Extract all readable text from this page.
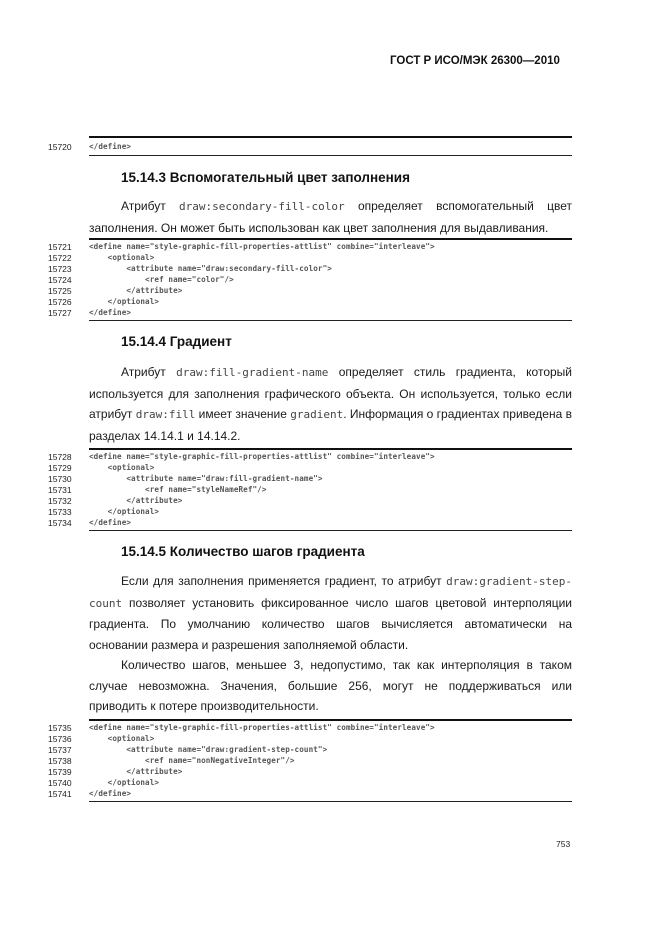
ГОСТ Р ИСО/МЭК 26300—2010
15720 </define>
15.14.3 Вспомогательный цвет заполнения
Атрибут draw:secondary-fill-color определяет вспомогательный цвет заполнения. Он может быть использован как цвет заполнения для выдавливания.
15721
15722
15723
15724
15725
15726
15727
<define name="style-graphic-fill-properties-attlist" combine="interleave">
<optional>
<attribute name="draw:secondary-fill-color">
<ref name="color"/>
</attribute>
</optional>
</define>
15.14.4 Градиент
Атрибут draw:fill-gradient-name определяет стиль градиента, который используется для заполнения графического объекта. Он используется, только если атрибут draw:fill имеет значение gradient. Информация о градиентах приведена в разделах 14.14.1 и 14.14.2.
15728
15729
15730
15731
15732
15733
15734
<define name="style-graphic-fill-properties-attlist" combine="interleave">
<optional>
<attribute name="draw:fill-gradient-name">
<ref name="styleNameRef"/>
</attribute>
</optional>
</define>
15.14.5 Количество шагов градиента
Если для заполнения применяется градиент, то атрибут draw:gradient-step-count позволяет установить фиксированное число шагов цветовой интерполяции градиента. По умолчанию количество шагов вычисляется автоматически на основании размера и разрешения заполняемой области.
Количество шагов, меньшее 3, недопустимо, так как интерполяция в таком случае невозможна. Значения, большие 256, могут не поддерживаться или приводить к потере производительности.
15735
15736
15737
15738
15739
15740
15741
<define name="style-graphic-fill-properties-attlist" combine="interleave">
<optional>
<attribute name="draw:gradient-step-count">
<ref name="nonNegativeInteger"/>
</attribute>
</optional>
</define>
753
